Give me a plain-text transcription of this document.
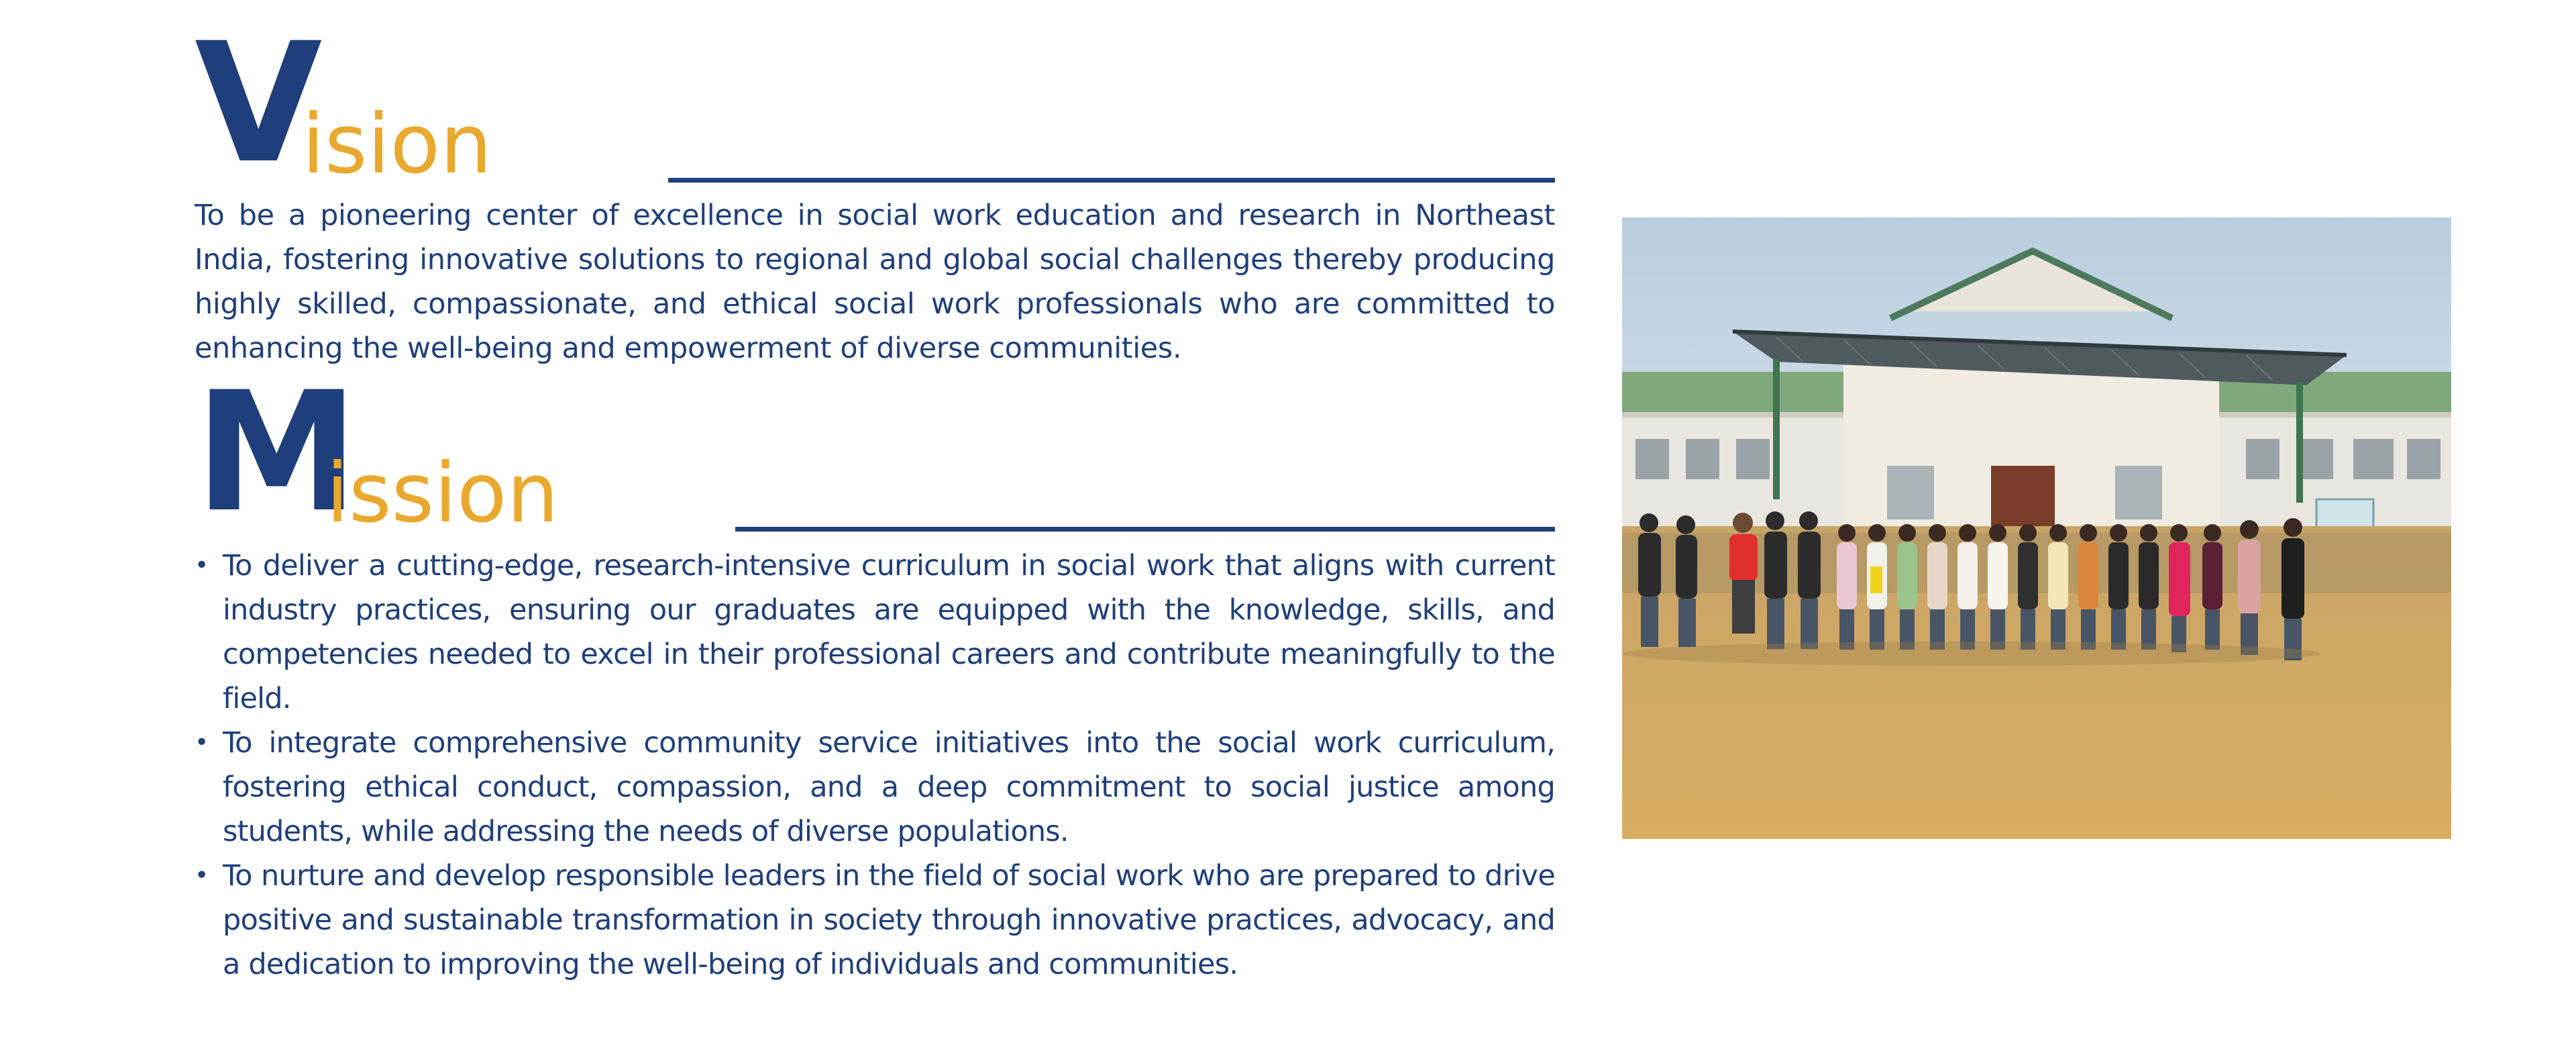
V
ision

To be a pioneering center of excellence in social work education and research in Northeast India, fostering innovative solutions to regional and global social challenges thereby producing highly skilled, compassionate, and ethical social work professionals who are committed to enhancing the well-being and empowerment of diverse communities.

M
ission
• To deliver a cutting-edge, research-intensive curriculum in social work that aligns with current industry practices, ensuring our graduates are equipped with the knowledge, skills, and competencies needed to excel in their professional careers and contribute meaningfully to the field.
• To integrate comprehensive community service initiatives into the social work curriculum, fostering ethical conduct, compassion, and a deep commitment to social justice among students, while addressing the needs of diverse populations.
• To nurture and develop responsible leaders in the field of social work who are prepared to drive positive and sustainable transformation in society through innovative practices, advocacy, and a dedication to improving the well-being of individuals and communities.
